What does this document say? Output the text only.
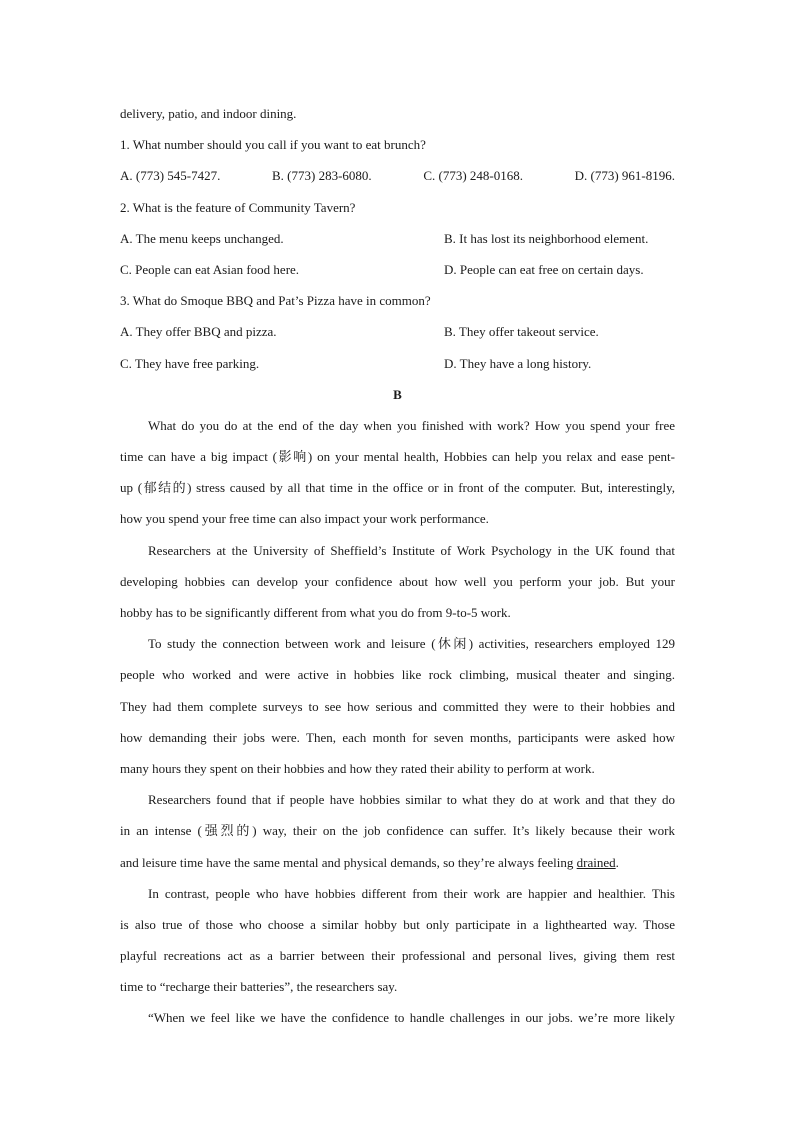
delivery, patio, and indoor dining.
1. What number should you call if you want to eat brunch?
A. (773) 545-7427.	B. (773) 283-6080.	C. (773) 248-0168.	D. (773) 961-8196.
2. What is the feature of Community Tavern?
A. The menu keeps unchanged.	B. It has lost its neighborhood element.
C. People can eat Asian food here.	D. People can eat free on certain days.
3. What do Smoque BBQ and Pat’s Pizza have in common?
A. They offer BBQ and pizza.	B. They offer takeout service.
C. They have free parking.	D. They have a long history.
B
What do you do at the end of the day when you finished with work? How you spend your free
time can have a big impact (影响) on your mental health, Hobbies can help you relax and ease pent-
up (郁结的) stress caused by all that time in the office or in front of the computer. But, interestingly,
how you spend your free time can also impact your work performance.
Researchers at the University of Sheffield’s Institute of Work Psychology in the UK found that
developing hobbies can develop your confidence about how well you perform your job. But your
hobby has to be significantly different from what you do from 9-to-5 work.
To study the connection between work and leisure (休闲) activities, researchers employed 129
people who worked and were active in hobbies like rock climbing, musical theater and singing.
They had them complete surveys to see how serious and committed they were to their hobbies and
how demanding their jobs were. Then, each month for seven months, participants were asked how
many hours they spent on their hobbies and how they rated their ability to perform at work.
Researchers found that if people have hobbies similar to what they do at work and that they do
in an intense (强烈的) way, their on the job confidence can suffer. It’s likely because their work
and leisure time have the same mental and physical demands, so they’re always feeling drained.
In contrast, people who have hobbies different from their work are happier and healthier. This
is also true of those who choose a similar hobby but only participate in a lighthearted way. Those
playful recreations act as a barrier between their professional and personal lives, giving them rest
time to “recharge their batteries”, the researchers say.
“When we feel like we have the confidence to handle challenges in our jobs. we’re more likely
